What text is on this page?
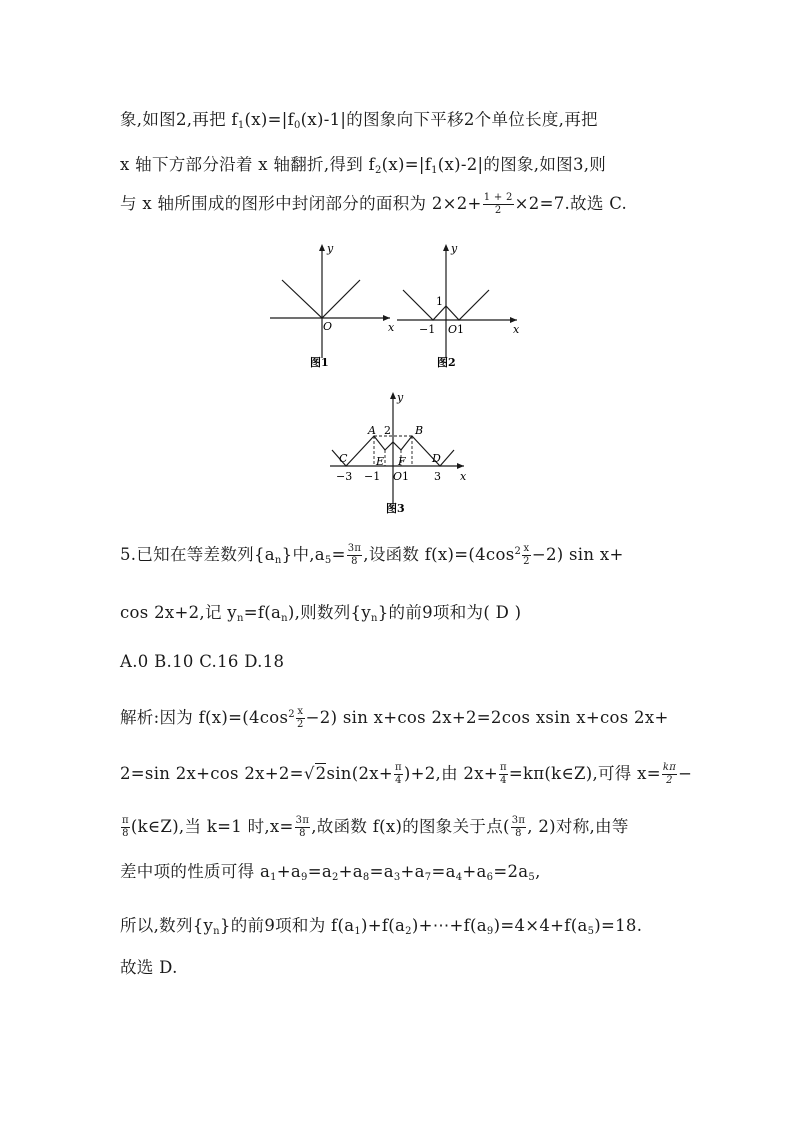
象,如图2,再把 $f_1(x)=|f_0(x)-1|$的图象向下平移2个单位长度,再把
x 轴下方部分沿着 x 轴翻折,得到 $f_2(x)=|f_1(x)-2|$的图象,如图3,则
与 x 轴所围成的图形中封闭部分的面积为 $2\times 2+ \frac{1 + 2}{2} \times 2=7$.故选 C.
y
x
O
图1
y
x
O
1
−1 1
图2
y
x
O
A	B
C	D
E F
2
−3 −1 1 3
图3
5.已知在等差数列$\{a_n\}$中$,a_5= \frac{3\pi}{8}$ ,设函数 $f(x)=(4\cos^2 \frac{x}{2} -2)$ sin x+
cos 2x+2,记 $y_n=f(a_n)$,则数列$\{y_n\}$的前9项和为( D )
A.0 B.10 C.16 D.18
解析:因为 $f(x)=(4\cos^2 \frac{x}{2} -2)$ sin x+cos 2x+2=2cos xsin x+cos 2x+
2=sin 2x+cos $2x+2=√2\sin(2x+ \frac{\pi}{4} )+2$,由 $2x+ \frac{\pi}{4}$ =kπ(k∈Z),可得 $x= \frac{k\pi}{2}$ −
$\frac{\pi}{8}$ (k∈Z),当 k=1 时$,x= \frac{3\pi}{8}$ ,故函数 f(x)的图象关于点( $\frac{3\pi}{8}$ , 2)对称,由等
差中项的性质可得 $a_1+a_9=a_2+a_8=a_3+a_7=a_4+a_6=2a_5$,
所以,数列$\{y_n\}$的前9项和为 $f(a_1)+f(a_2)+\cdots+f(a_9)=4\times 4+f(a_5)=18$.
故选 D.
